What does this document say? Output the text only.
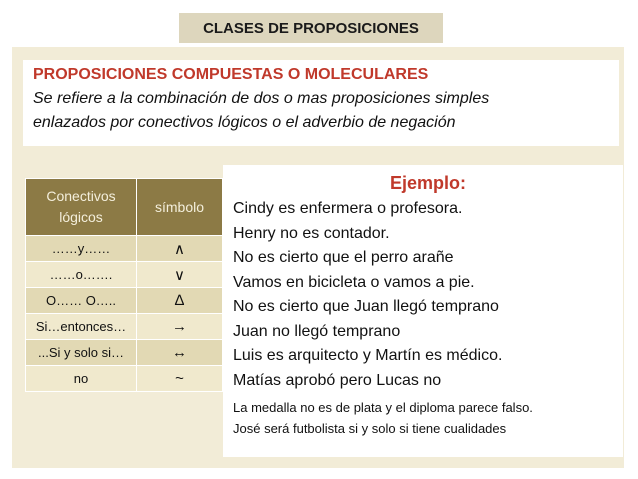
CLASES DE PROPOSICIONES
PROPOSICIONES COMPUESTAS O MOLECULARES
Se refiere a la combinación de dos o mas proposiciones simples
enlazados por conectivos lógicos o el adverbio de negación
Conectivos lógicos	símbolo
……y……	∧
……o…….	∨
O…… O…..	∆
Si…entonces…	→
...Si y solo si…	↔
no	~
Ejemplo:
Cindy es enfermera o profesora.
Henry no es contador.
No es cierto que el perro arañe
Vamos en bicicleta o vamos a pie.
No es cierto que Juan llegó temprano
Juan no llegó temprano
Luis es arquitecto y Martín es médico.
Matías aprobó pero Lucas no
La medalla no es de plata y el diploma parece falso.
José será futbolista si y solo si tiene cualidades
